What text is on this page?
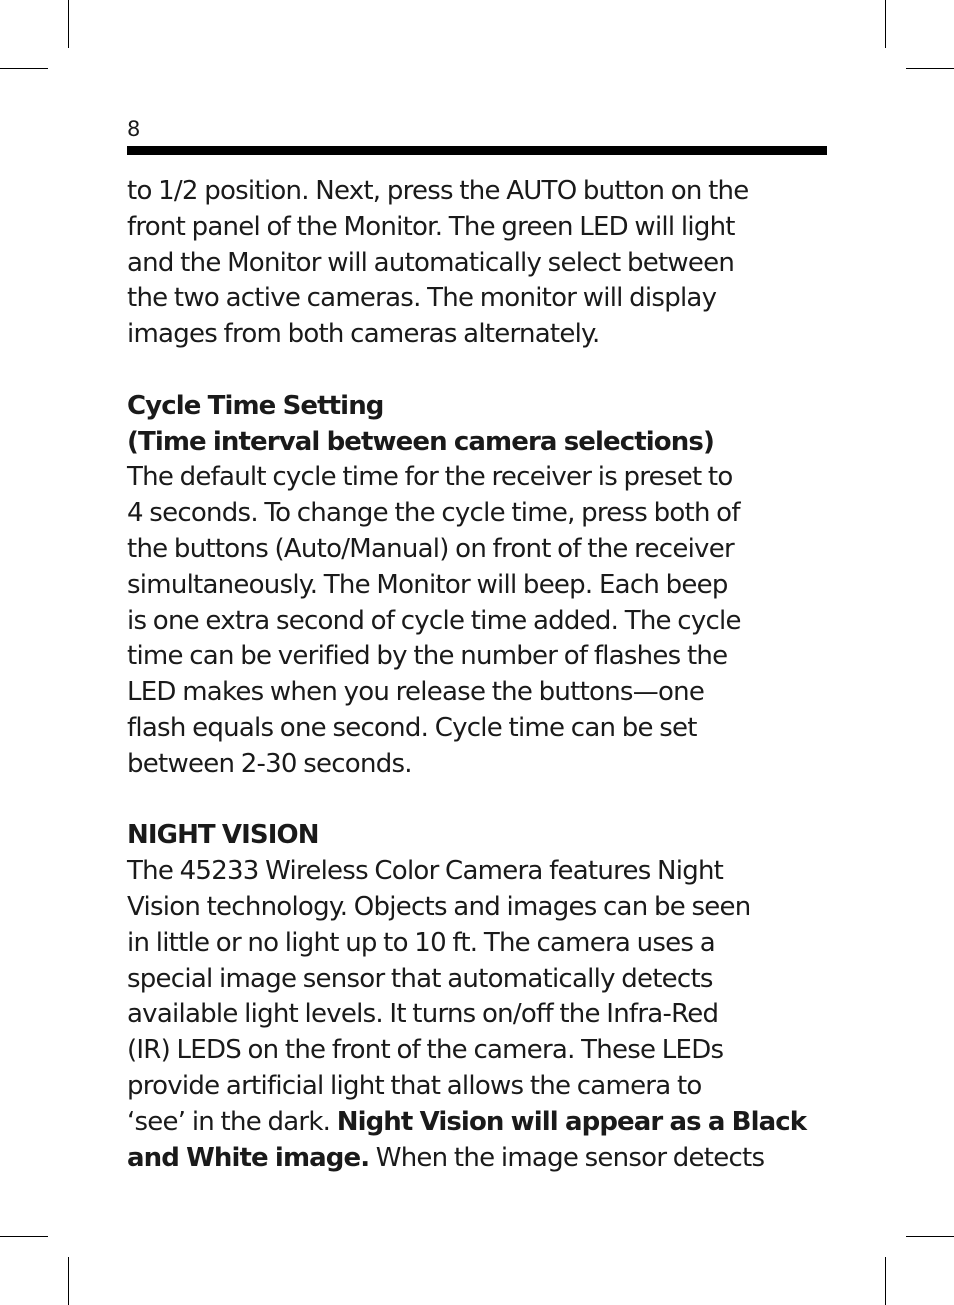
8
to 1/2 position. Next, press the AUTO button on the
front panel of the Monitor. The green LED will light
and the Monitor will automatically select between
the two active cameras. The monitor will display
images from both cameras alternately.
Cycle Time Setting
(Time interval between camera selections)
The default cycle time for the receiver is preset to
4 seconds. To change the cycle time, press both of
the buttons (Auto/Manual) on front of the receiver
simultaneously. The Monitor will beep. Each beep
is one extra second of cycle time added. The cycle
time can be verified by the number of flashes the
LED makes when you release the buttons—one
flash equals one second. Cycle time can be set
between 2-30 seconds.
NIGHT VISION
The 45233 Wireless Color Camera features Night
Vision technology. Objects and images can be seen
in little or no light up to 10 ft. The camera uses a
special image sensor that automatically detects
available light levels. It turns on/off the Infra-Red
(IR) LEDS on the front of the camera. These LEDs
provide artificial light that allows the camera to
‘see’ in the dark. Night Vision will appear as a Black
and White image. When the image sensor detects
